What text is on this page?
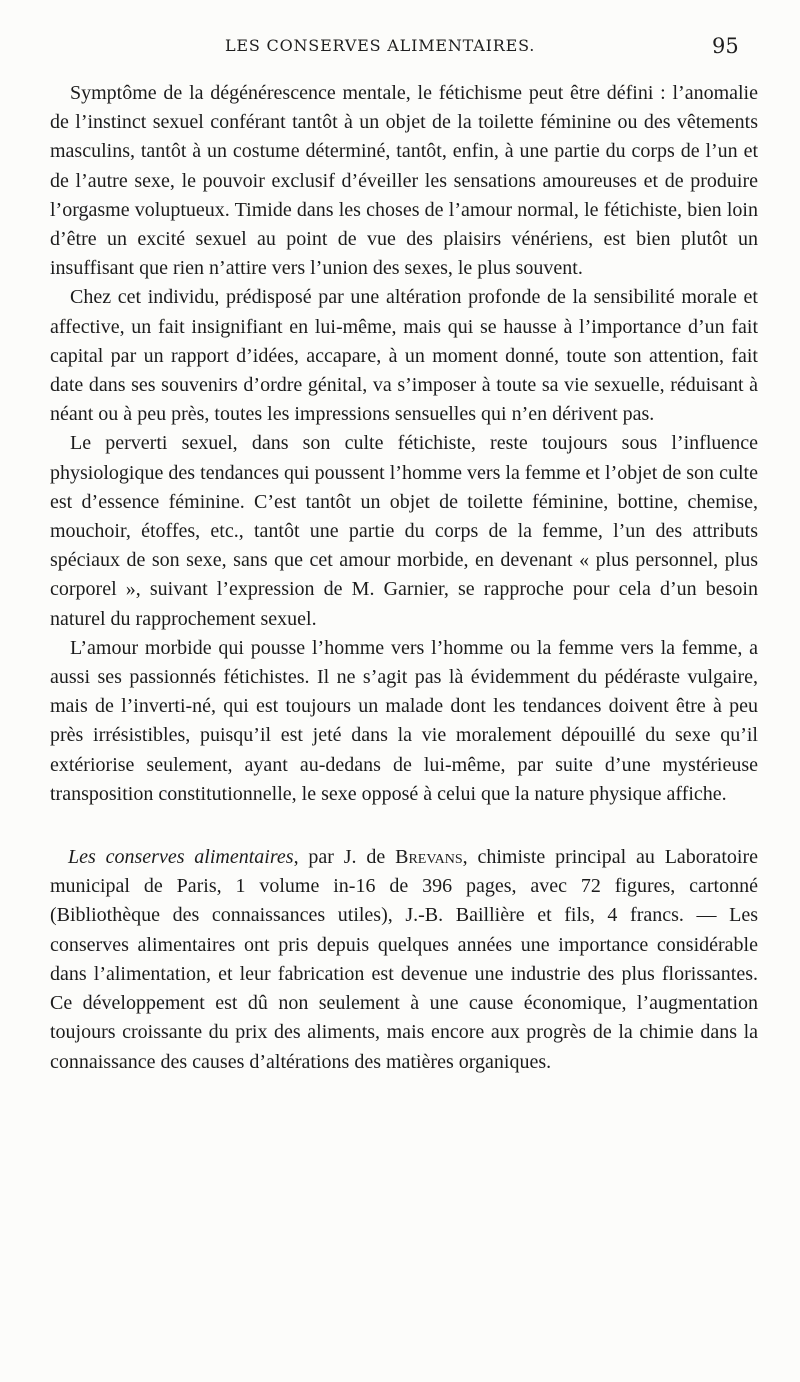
LES CONSERVES ALIMENTAIRES.	95

Symptôme de la dégénérescence mentale, le fétichisme peut être défini : l’anomalie de l’instinct sexuel conférant tantôt à un objet de la toilette féminine ou des vêtements masculins, tantôt à un costume déterminé, tantôt, enfin, à une partie du corps de l’un et de l’autre sexe, le pouvoir exclusif d’éveiller les sensations amoureuses et de produire l’orgasme voluptueux. Timide dans les choses de l’amour normal, le fétichiste, bien loin d’être un excité sexuel au point de vue des plaisirs vénériens, est bien plutôt un insuffisant que rien n’attire vers l’union des sexes, le plus souvent.

Chez cet individu, prédisposé par une altération profonde de la sensibilité morale et affective, un fait insignifiant en lui-même, mais qui se hausse à l’importance d’un fait capital par un rapport d’idées, accapare, à un moment donné, toute son attention, fait date dans ses souvenirs d’ordre génital, va s’imposer à toute sa vie sexuelle, réduisant à néant ou à peu près, toutes les impressions sensuelles qui n’en dérivent pas.

Le perverti sexuel, dans son culte fétichiste, reste toujours sous l’influence physiologique des tendances qui poussent l’homme vers la femme et l’objet de son culte est d’essence féminine. C’est tantôt un objet de toilette féminine, bottine, chemise, mouchoir, étoffes, etc., tantôt une partie du corps de la femme, l’un des attributs spéciaux de son sexe, sans que cet amour morbide, en devenant « plus personnel, plus corporel », suivant l’expression de M. Garnier, se rapproche pour cela d’un besoin naturel du rapprochement sexuel.

L’amour morbide qui pousse l’homme vers l’homme ou la femme vers la femme, a aussi ses passionnés fétichistes. Il ne s’agit pas là évidemment du pédéraste vulgaire, mais de l’inverti-né, qui est toujours un malade dont les tendances doivent être à peu près irrésistibles, puisqu’il est jeté dans la vie moralement dépouillé du sexe qu’il extériorise seulement, ayant au-dedans de lui-même, par suite d’une mystérieuse transposition constitutionnelle, le sexe opposé à celui que la nature physique affiche.

Les conserves alimentaires, par J. de Brevans, chimiste principal au Laboratoire municipal de Paris, 1 volume in-16 de 396 pages, avec 72 figures, cartonné (Bibliothèque des connaissances utiles), J.-B. Baillière et fils, 4 francs. — Les conserves alimentaires ont pris depuis quelques années une importance considérable dans l’alimentation, et leur fabrication est devenue une industrie des plus florissantes. Ce développement est dû non seulement à une cause économique, l’augmentation toujours croissante du prix des aliments, mais encore aux progrès de la chimie dans la connaissance des causes d’altérations des matières organiques.
